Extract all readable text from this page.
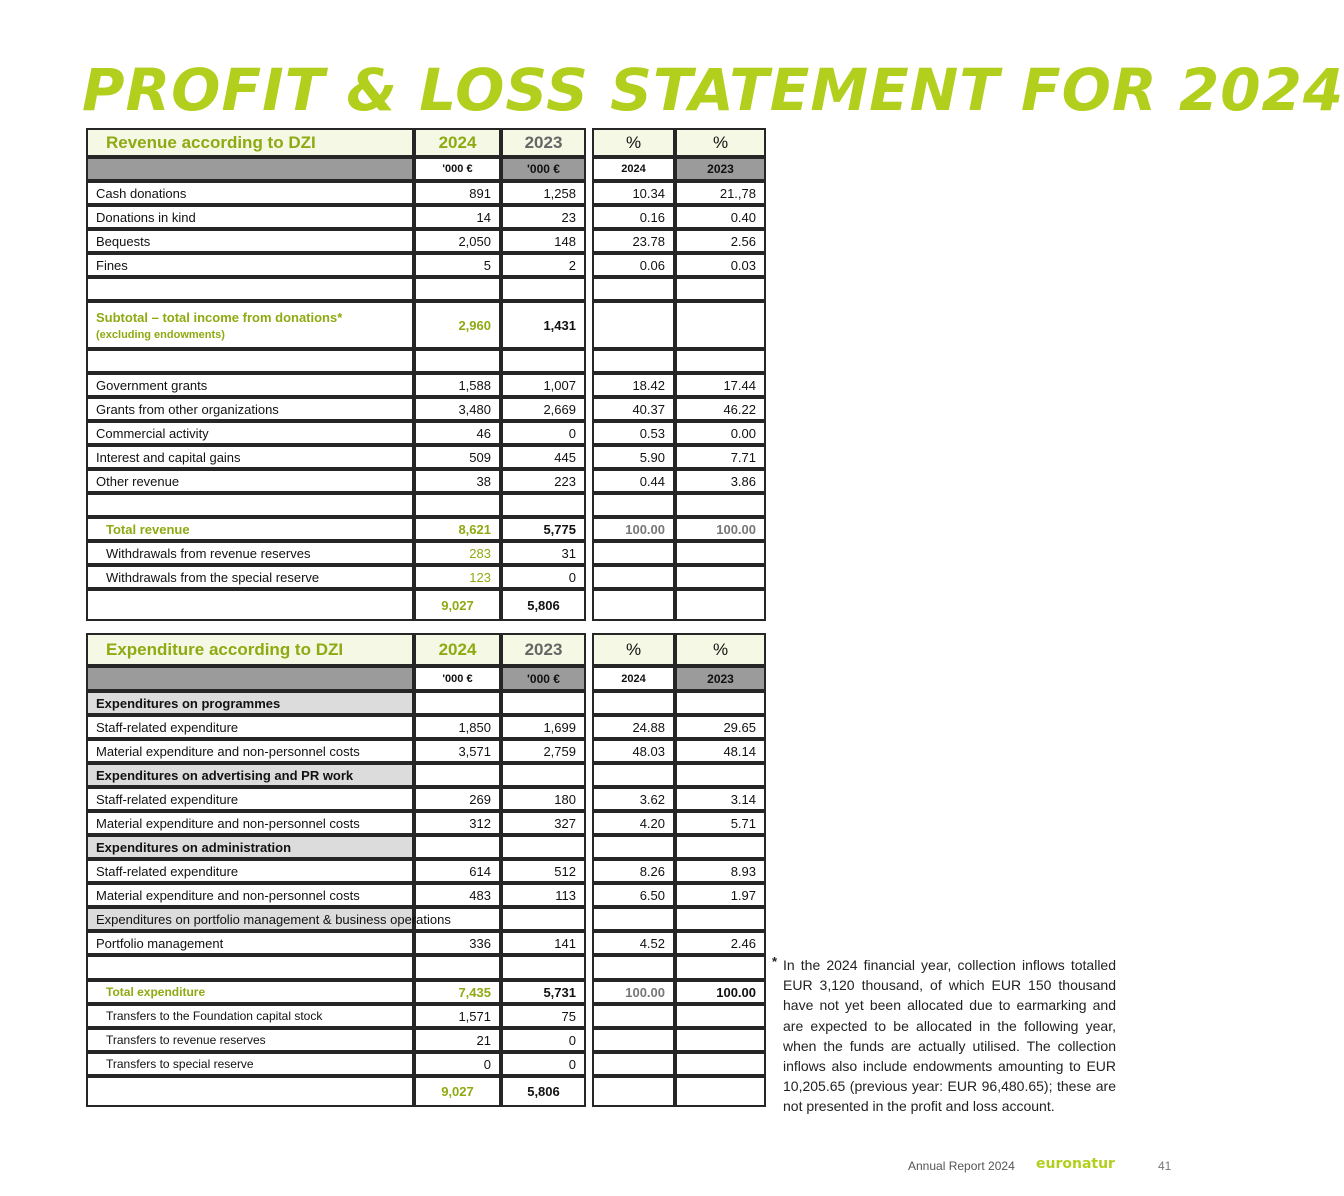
PROFIT & LOSS STATEMENT FOR 2024
Revenue according to DZI	2024	2023		%	%
	'000 €	'000 €		2024	2023
Cash donations	891	1,258		10.34	21.,78
Donations in kind	14	23		0.16	0.40
Bequests	2,050	148		23.78	2.56
Fines	5	2		0.06	0.03

Subtotal – total income from donations*
(excluding endowments)	2,960	1,431			

Government grants	1,588	1,007		18.42	17.44
Grants from other organizations	3,480	2,669		40.37	46.22
Commercial activity	46	0		0.53	0.00
Interest and capital gains	509	445		5.90	7.71
Other revenue	38	223		0.44	3.86

Total revenue	8,621	5,775		100.00	100.00
Withdrawals from revenue reserves	283	31			
Withdrawals from the special reserve	123	0			
	9,027	5,806			
Expenditure according to DZI	2024	2023		%	%
	'000 €	'000 €		2024	2023
Expenditures on programmes					
Staff-related expenditure	1,850	1,699		24.88	29.65
Material expenditure and non-personnel costs	3,571	2,759		48.03	48.14
Expenditures on advertising and PR work					
Staff-related expenditure	269	180		3.62	3.14
Material expenditure and non-personnel costs	312	327		4.20	5.71
Expenditures on administration					
Staff-related expenditure	614	512		8.26	8.93
Material expenditure and non-personnel costs	483	113		6.50	1.97
Expenditures on portfolio management & business operations					
Portfolio management	336	141		4.52	2.46

Total expenditure	7,435	5,731		100.00	100.00
Transfers to the Foundation capital stock	1,571	75			
Transfers to revenue reserves	21	0			
Transfers to special reserve	0	0			
	9,027	5,806			
* In the 2024 financial year, collection inflows totalled EUR 3,120 thousand, of which EUR 150 thousand have not yet been allocated due to earmarking and are expected to be allocated in the following year, when the funds are actually utilised. The collection inflows also include endowments amounting to EUR 10,205.65 (previous year: EUR 96,480.65); these are not presented in the profit and loss account.
Annual Report 2024 euronatur	41
